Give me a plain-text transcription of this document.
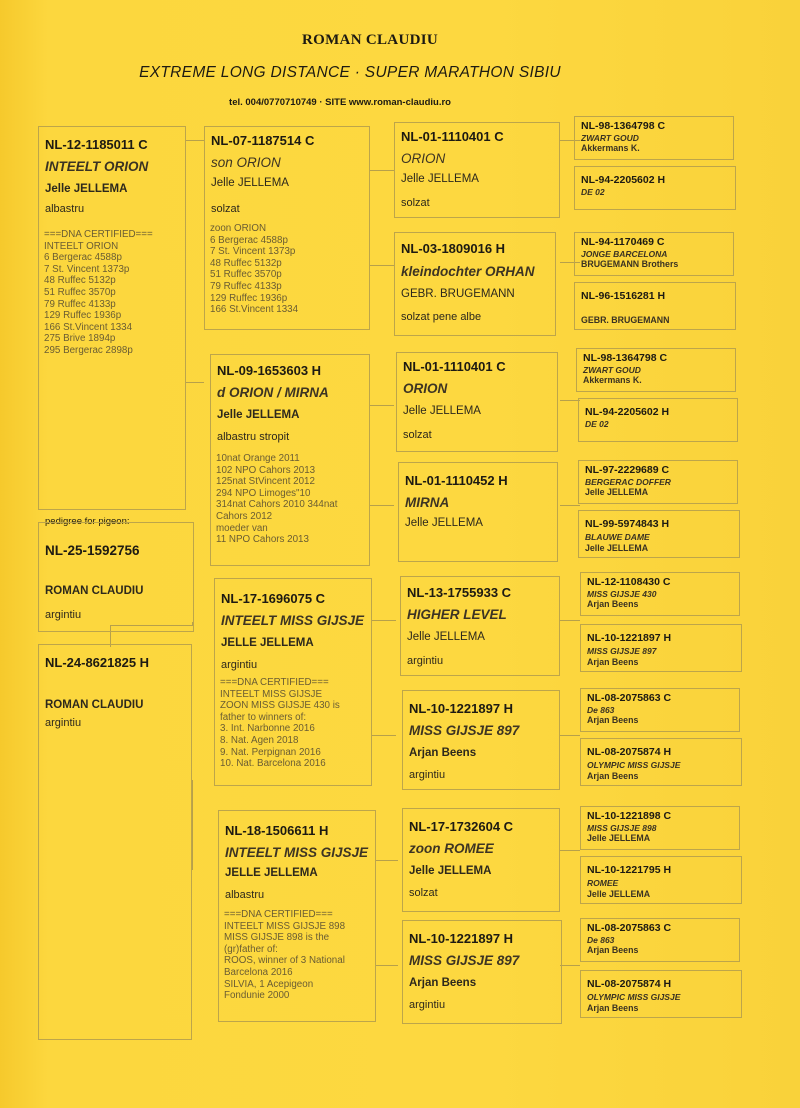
ROMAN CLAUDIU
EXTREME LONG DISTANCE · SUPER MARATHON SIBIU
tel. 004/0770710749 · SITE www.roman-claudiu.ro
NL-12-1185011 C
INTEELT ORION
Jelle JELLEMA
albastru
===DNA CERTIFIED===
INTEELT ORION
6 Bergerac 4588p
7 St. Vincent 1373p
48 Ruffec 5132p
51 Ruffec 3570p
79 Ruffec 4133p
129 Ruffec 1936p
166 St.Vincent 1334
275 Brive 1894p
295 Bergerac 2898p
pedigree for pigeon:
NL-25-1592756
ROMAN CLAUDIU
argintiu
NL-24-8621825 H
ROMAN CLAUDIU
argintiu
NL-07-1187514 C
son ORION
Jelle JELLEMA
solzat
zoon ORION
6 Bergerac 4588p
7 St. Vincent 1373p
48 Ruffec 5132p
51 Ruffec 3570p
79 Ruffec 4133p
129 Ruffec 1936p
166 St.Vincent 1334
NL-09-1653603 H
d ORION / MIRNA
Jelle JELLEMA
albastru stropit
10nat Orange 2011
102 NPO Cahors 2013
125nat StVincent 2012
294 NPO Limoges"10
314nat Cahors 2010 344nat
Cahors 2012
moeder van
11 NPO Cahors 2013
NL-17-1696075 C
INTEELT MISS GIJSJE
JELLE JELLEMA
argintiu
===DNA CERTIFIED===
INTEELT MISS GIJSJE
ZOON MISS GIJSJE 430 is
father to winners of:
3. Int. Narbonne 2016
8. Nat. Agen 2018
9. Nat. Perpignan 2016
10. Nat. Barcelona 2016
NL-18-1506611 H
INTEELT MISS GIJSJE
JELLE JELLEMA
albastru
===DNA CERTIFIED===
INTEELT MISS GIJSJE 898
MISS GIJSJE 898 is the
(gr)father of:
ROOS, winner of 3 National
Barcelona 2016
SILVIA, 1 Acepigeon
Fondunie 2000
NL-01-1110401 C
ORION
Jelle JELLEMA
solzat
NL-03-1809016 H
kleindochter ORHAN
GEBR. BRUGEMANN
solzat pene albe
NL-01-1110401 C
ORION
Jelle JELLEMA
solzat
NL-01-1110452 H
MIRNA
Jelle JELLEMA
NL-13-1755933 C
HIGHER LEVEL
Jelle JELLEMA
argintiu
NL-10-1221897 H
MISS GIJSJE 897
Arjan Beens
argintiu
NL-17-1732604 C
zoon ROMEE
Jelle JELLEMA
solzat
NL-10-1221897 H
MISS GIJSJE 897
Arjan Beens
argintiu
NL-98-1364798 C
ZWART GOUD
Akkermans K.
NL-94-2205602 H
DE 02
NL-94-1170469 C
JONGE BARCELONA
BRUGEMANN Brothers
NL-96-1516281 H
GEBR. BRUGEMANN
NL-98-1364798 C
ZWART GOUD
Akkermans K.
NL-94-2205602 H
DE 02
NL-97-2229689 C
BERGERAC DOFFER
Jelle JELLEMA
NL-99-5974843 H
BLAUWE DAME
Jelle JELLEMA
NL-12-1108430 C
MISS GIJSJE 430
Arjan Beens
NL-10-1221897 H
MISS GIJSJE 897
Arjan Beens
NL-08-2075863 C
De 863
Arjan Beens
NL-08-2075874 H
OLYMPIC MISS GIJSJE
Arjan Beens
NL-10-1221898 C
MISS GIJSJE 898
Jelle JELLEMA
NL-10-1221795 H
ROMEE
Jelle JELLEMA
NL-08-2075863 C
De 863
Arjan Beens
NL-08-2075874 H
OLYMPIC MISS GIJSJE
Arjan Beens
